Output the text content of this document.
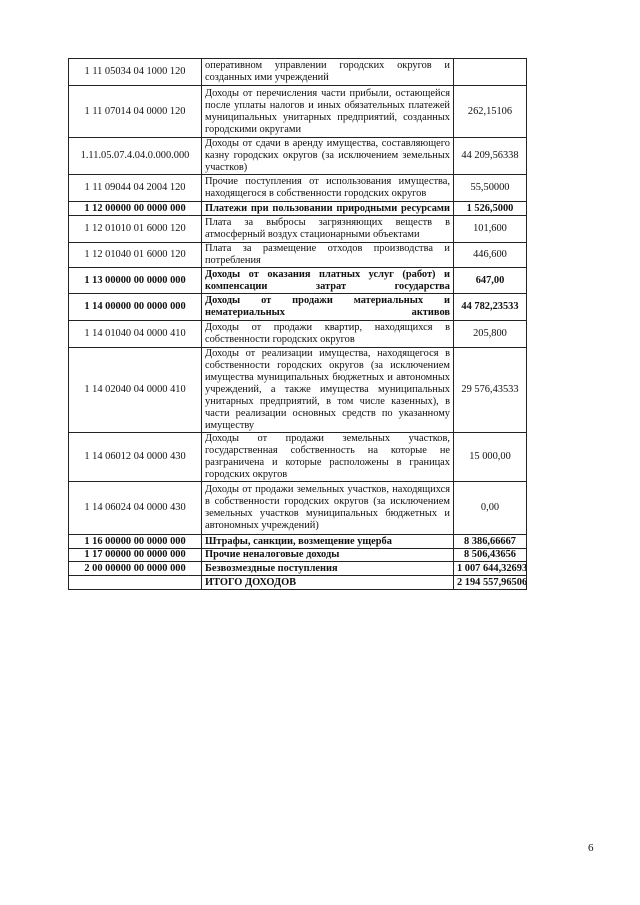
1 11 05034 04 1000 120	оперативном управлении городских округов и созданных ими учреждений	
1 11 07014 04 0000 120	Доходы от перечисления части прибыли, остающейся после уплаты налогов и иных обязательных платежей муниципальных унитарных предприятий, созданных городскими округами	262,15106
1.11.05.07.4.04.0.000.000	Доходы от сдачи в аренду имущества, составляющего казну городских округов (за исключением земельных участков)	44 209,56338
1 11 09044 04 2004 120	Прочие поступления от использования имущества, находящегося в собственности городских округов	55,50000
1 12 00000 00 0000 000	Платежи при пользовании природными ресурсами	1 526,5000
1 12 01010 01 6000 120	Плата за выбросы загрязняющих веществ в атмосферный воздух стационарными объектами	101,600
1 12 01040 01 6000 120	Плата за размещение отходов производства и потребления	446,600
1 13 00000 00 0000 000	Доходы от оказания платных услуг (работ) и компенсации затрат государства	647,00
1 14 00000 00 0000 000	Доходы от продажи материальных и нематериальных активов	44 782,23533
1 14 01040 04 0000 410	Доходы от продажи квартир, находящихся в собственности городских округов	205,800
1 14 02040 04 0000 410	Доходы от реализации имущества, находящегося в собственности городских округов (за исключением имущества муниципальных бюджетных и автономных учреждений, а также имущества муниципальных унитарных предприятий, в том числе казенных), в части реализации основных средств по указанному имуществу	29 576,43533
1 14 06012 04 0000 430	Доходы от продажи земельных участков, государственная собственность на которые не разграничена и которые расположены в границах городских округов	15 000,00
1 14 06024 04 0000 430	Доходы от продажи земельных участков, находящихся в собственности городских округов (за исключением земельных участков муниципальных бюджетных и автономных учреждений)	0,00
1 16 00000 00 0000 000	Штрафы, санкции, возмещение ущерба	8 386,66667
1 17 00000 00 0000 000	Прочие неналоговые доходы	8 506,43656
2 00 00000 00 0000 000	Безвозмездные поступления	1 007 644,32693
	ИТОГО ДОХОДОВ	2 194 557,96506
6
